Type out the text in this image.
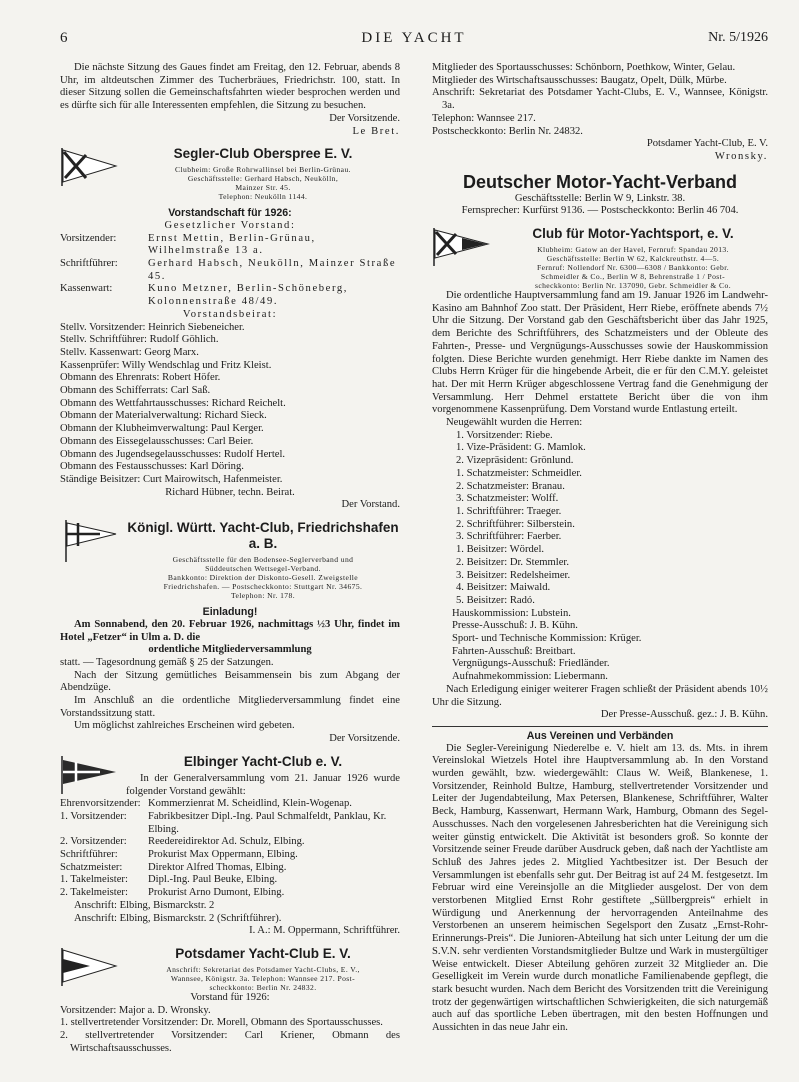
6	DIE YACHT	Nr. 5/1926

Die nächste Sitzung des Gaues findet am Freitag, den 12. Februar, abends 8 Uhr, im altdeutschen Zimmer des Tucherbräues, Friedrichstr. 100, statt. In dieser Sitzung sollen die Gemeinschaftsfahrten wieder besprochen werden und es dürfte sich für alle Interessenten empfehlen, die Sitzung zu besuchen.

Der Vorsitzende.

Le Bret.

Segler-Club Oberspree E. V.
Clubheim: Große Rohrwallinsel bei Berlin-Grünau.
Geschäftsstelle: Gerhard Habsch, Neukölln,
Mainzer Str. 45.
Telephon: Neukölln 1144.
Vorstandschaft für 1926:

Gesetzlicher Vorstand:

Vorsitzender:	Ernst Mettin, Berlin-Grünau, Wilhelmstraße 13 a.
Schriftführer:	Gerhard Habsch, Neukölln, Mainzer Straße 45.
Kassenwart:	Kuno Metzner, Berlin-Schöneberg, Kolonnenstraße 48/49.

Vorstandsbeirat:

Stellv. Vorsitzender: Heinrich Siebeneicher.

Stellv. Schriftführer: Rudolf Göhlich.

Stellv. Kassenwart: Georg Marx.

Kassenprüfer: Willy Wendschlag und Fritz Kleist.

Obmann des Ehrenrats: Robert Höfer.

Obmann des Schifferrats: Carl Saß.

Obmann des Wettfahrtausschusses: Richard Reichelt.

Obmann der Materialverwaltung: Richard Sieck.

Obmann der Klubheimverwaltung: Paul Kerger.

Obmann des Eissegelausschusses: Carl Beier.

Obmann des Jugendsegelausschusses: Rudolf Hertel.

Obmann des Festausschusses: Karl Döring.

Ständige Beisitzer: Curt Mairowitsch, Hafenmeister.

Richard Hübner, techn. Beirat.

Der Vorstand.

Königl. Württ. Yacht-Club, Friedrichshafen a. B.
Geschäftsstelle für den Bodensee-Seglerverband und
Süddeutschen Wettsegel-Verband.
Bankkonto: Direktion der Diskonto-Gesell. Zweigstelle
Friedrichshafen. — Postscheckkonto: Stuttgart Nr. 34675.
Telephon: Nr. 178.
Einladung!

Am Sonnabend, den 20. Februar 1926, nachmittags ½3 Uhr, findet im Hotel „Fetzer“ in Ulm a. D. die

ordentliche Mitgliederversammlung

statt. — Tagesordnung gemäß § 25 der Satzungen.

Nach der Sitzung gemütliches Beisammensein bis zum Abgang der Abendzüge.

Im Anschluß an die ordentliche Mitgliederversammlung findet eine Vorstandssitzung statt.

Um möglichst zahlreiches Erscheinen wird gebeten.

Der Vorsitzende.

Elbinger Yacht-Club e. V.

In der Generalversammlung vom 21. Januar 1926 wurde folgender Vorstand gewählt:

Ehrenvorsitzender: Kommerzienrat M. Scheidlind, Klein-Wogenap.
1. Vorsitzender:	Fabrikbesitzer Dipl.-Ing. Paul Schmalfeldt, Panklau, Kr. Elbing.
2. Vorsitzender:	Reedereidirektor Ad. Schulz, Elbing.
Schriftführer:	Prokurist Max Oppermann, Elbing.
Schatzmeister:	Direktor Alfred Thomas, Elbing.
1. Takelmeister:	Dipl.-Ing. Paul Beuke, Elbing.
2. Takelmeister:	Prokurist Arno Dumont, Elbing.

Anschrift: Elbing, Bismarckstr. 2

Anschrift: Elbing, Bismarckstr. 2 (Schriftführer).

I. A.: M. Oppermann, Schriftführer.

Potsdamer Yacht-Club E. V.
Anschrift: Sekretariat des Potsdamer Yacht-Clubs, E. V.,
Wannsee, Königstr. 3a. Telephon: Wannsee 217. Post-
scheckkonto: Berlin Nr. 24832.

Vorstand für 1926:

Vorsitzender: Major a. D. Wronsky.

1. stellvertretender Vorsitzender: Dr. Morell, Obmann des Sportausschusses.

2. stellvertretender Vorsitzender: Carl Kriener, Obmann des Wirtschaftsausschusses.

Mitglieder des Sportausschusses: Schönborn, Poethkow, Winter, Gelau.

Mitglieder des Wirtschaftsausschusses: Baugatz, Opelt, Dülk, Mürbe.

Anschrift: Sekretariat des Potsdamer Yacht-Clubs, E. V., Wannsee, Königstr. 3a.

Telephon: Wannsee 217.

Postscheckkonto: Berlin Nr. 24832.

Potsdamer Yacht-Club, E. V.

Wronsky.

Deutscher Motor-Yacht-Verband

Geschäftsstelle: Berlin W 9, Linkstr. 38.

Fernsprecher: Kurfürst 9136. — Postscheckkonto: Berlin 46 704.

Club für Motor-Yachtsport, e. V.
Klubheim: Gatow an der Havel, Fernruf: Spandau 2013.
Geschäftsstelle: Berlin W 62, Kalckreuthstr. 4—5.
Fernruf: Nollendorf Nr. 6300—6308 / Bankkonto: Gebr.
Schmeidler & Co., Berlin W 8, Behrenstraße 1 / Post-
scheckkonto: Berlin Nr. 137090, Gebr. Schmeidler & Co.

Die ordentliche Hauptversammlung fand am 19. Januar 1926 im Landwehr-Kasino am Bahnhof Zoo statt. Der Präsident, Herr Riebe, eröffnete abends 7½ Uhr die Sitzung. Der Vorstand gab den Geschäftsbericht über das Jahr 1925, dem Berichte des Schriftführers, des Schatzmeisters und der Obleute des Fahrten-, Presse- und Vergnügungs-Ausschusses sowie der Hauskommission folgten. Diese Berichte wurden genehmigt. Herr Riebe dankte im Namen des Clubs Herrn Krüger für die hingebende Arbeit, die er für den C.M.Y. geleistet hat. Der mit Herrn Krüger abgeschlossene Vertrag fand die Genehmigung der Versammlung. Herr Dehmel erstattete Bericht über die von ihm vorgenommene Kassenprüfung. Dem Vorstand wurde Entlastung erteilt.

Neugewählt wurden die Herren:

1. Vorsitzender: Riebe.

1. Vize-Präsident: G. Mamlok.

2. Vizepräsident: Grönlund.

1. Schatzmeister: Schmeidler.

2. Schatzmeister: Branau.

3. Schatzmeister: Wolff.

1. Schriftführer: Traeger.

2. Schriftführer: Silberstein.

3. Schriftführer: Faerber.

1. Beisitzer: Wördel.

2. Beisitzer: Dr. Stemmler.

3. Beisitzer: Redelsheimer.

4. Beisitzer: Maiwald.

5. Beisitzer: Radó.

Hauskommission: Lubstein.

Presse-Ausschuß: J. B. Kühn.

Sport- und Technische Kommission: Krüger.

Fahrten-Ausschuß: Breitbart.

Vergnügungs-Ausschuß: Friedländer.

Aufnahmekommission: Liebermann.

Nach Erledigung einiger weiterer Fragen schließt der Präsident abends 10½ Uhr die Sitzung.

Der Presse-Ausschuß. gez.: J. B. Kühn.

Aus Vereinen und Verbänden

Die Segler-Vereinigung Niederelbe e. V. hielt am 13. ds. Mts. in ihrem Vereinslokal Wietzels Hotel ihre Hauptversammlung ab. In den Vorstand wurden gewählt, bzw. wiedergewählt: Claus W. Weiß, Blankenese, 1. Vorsitzender, Reinhold Bultze, Hamburg, stellvertretender Vorsitzender und Leiter der Jugendabteilung, Max Petersen, Blankenese, Schriftführer, Walter Beck, Hamburg, Kassenwart, Hermann Wark, Hamburg, Obmann des Segel-Ausschusses. Nach den vorgelesenen Jahresberichten hat die Vereinigung sich weiter günstig entwickelt. Die Aktivität ist besonders groß. So konnte der Vorsitzende seiner Freude darüber Ausdruck geben, daß nach der Yachtliste am Schluß des Jahres jedes 2. Mitglied Yachtbesitzer ist. Der Besuch der Versammlungen ist ebenfalls sehr gut. Der Beitrag ist auf 24 M. festgesetzt. Im Februar wird eine Vereinsjolle an die Mitglieder ausgelost. Der von dem verstorbenen Mitglied Ernst Rohr gestiftete „Süllbergpreis“ erhielt in Würdigung und Anerkennung der hervorragenden Anteilnahme des Verstorbenen an unserem heimischen Segelsport den Zusatz „Ernst-Rohr-Erinnerungs-Preis“. Die Junioren-Abteilung hat sich unter Leitung der um die S.V.N. sehr verdienten Vorstandsmitglieder Bultze und Wark in mustergültiger Weise entwickelt. Dieser Abteilung gehören zurzeit 32 Mitglieder an. Die Geselligkeit im Verein wurde durch monatliche Familienabende gepflegt, die stark besucht wurden. Nach dem Bericht des Vorsitzenden tritt die Vereinigung trotz der gegenwärtigen wirtschaftlichen Schwierigkeiten, die sich naturgemäß auch auf das sportliche Leben übertragen, mit den besten Hoffnungen und Aussichten in das neue Jahr ein.
